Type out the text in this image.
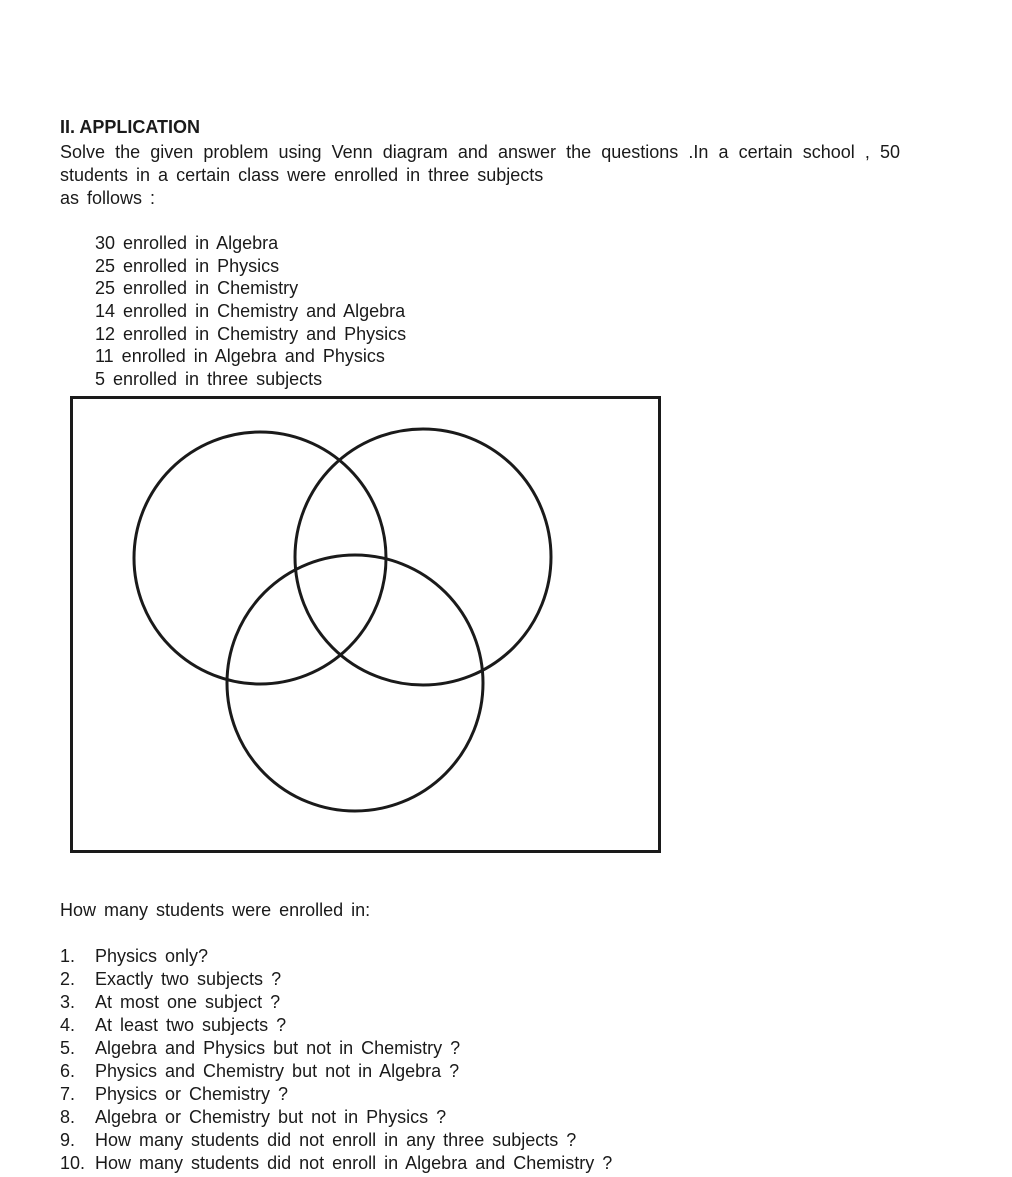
II. APPLICATION

Solve the given problem using Venn diagram and answer the questions .In a certain school , 50
students in a certain class were enrolled in three subjects
as follows :

30 enrolled in Algebra
25 enrolled in Physics
25 enrolled in Chemistry
14 enrolled in Chemistry and Algebra
12 enrolled in Chemistry and Physics
11 enrolled in Algebra and Physics
5 enrolled in three subjects

How many students were enrolled in:

1.	Physics only?
2.	Exactly two subjects ?
3.	At most one subject ?
4.	At least two subjects ?
5.	Algebra and Physics but not in Chemistry ?
6.	Physics and Chemistry but not in Algebra ?
7.	Physics or Chemistry ?
8.	Algebra or Chemistry but not in Physics ?
9.	How many students did not enroll in any three subjects ?
10. How many students did not enroll in Algebra and Chemistry ?
